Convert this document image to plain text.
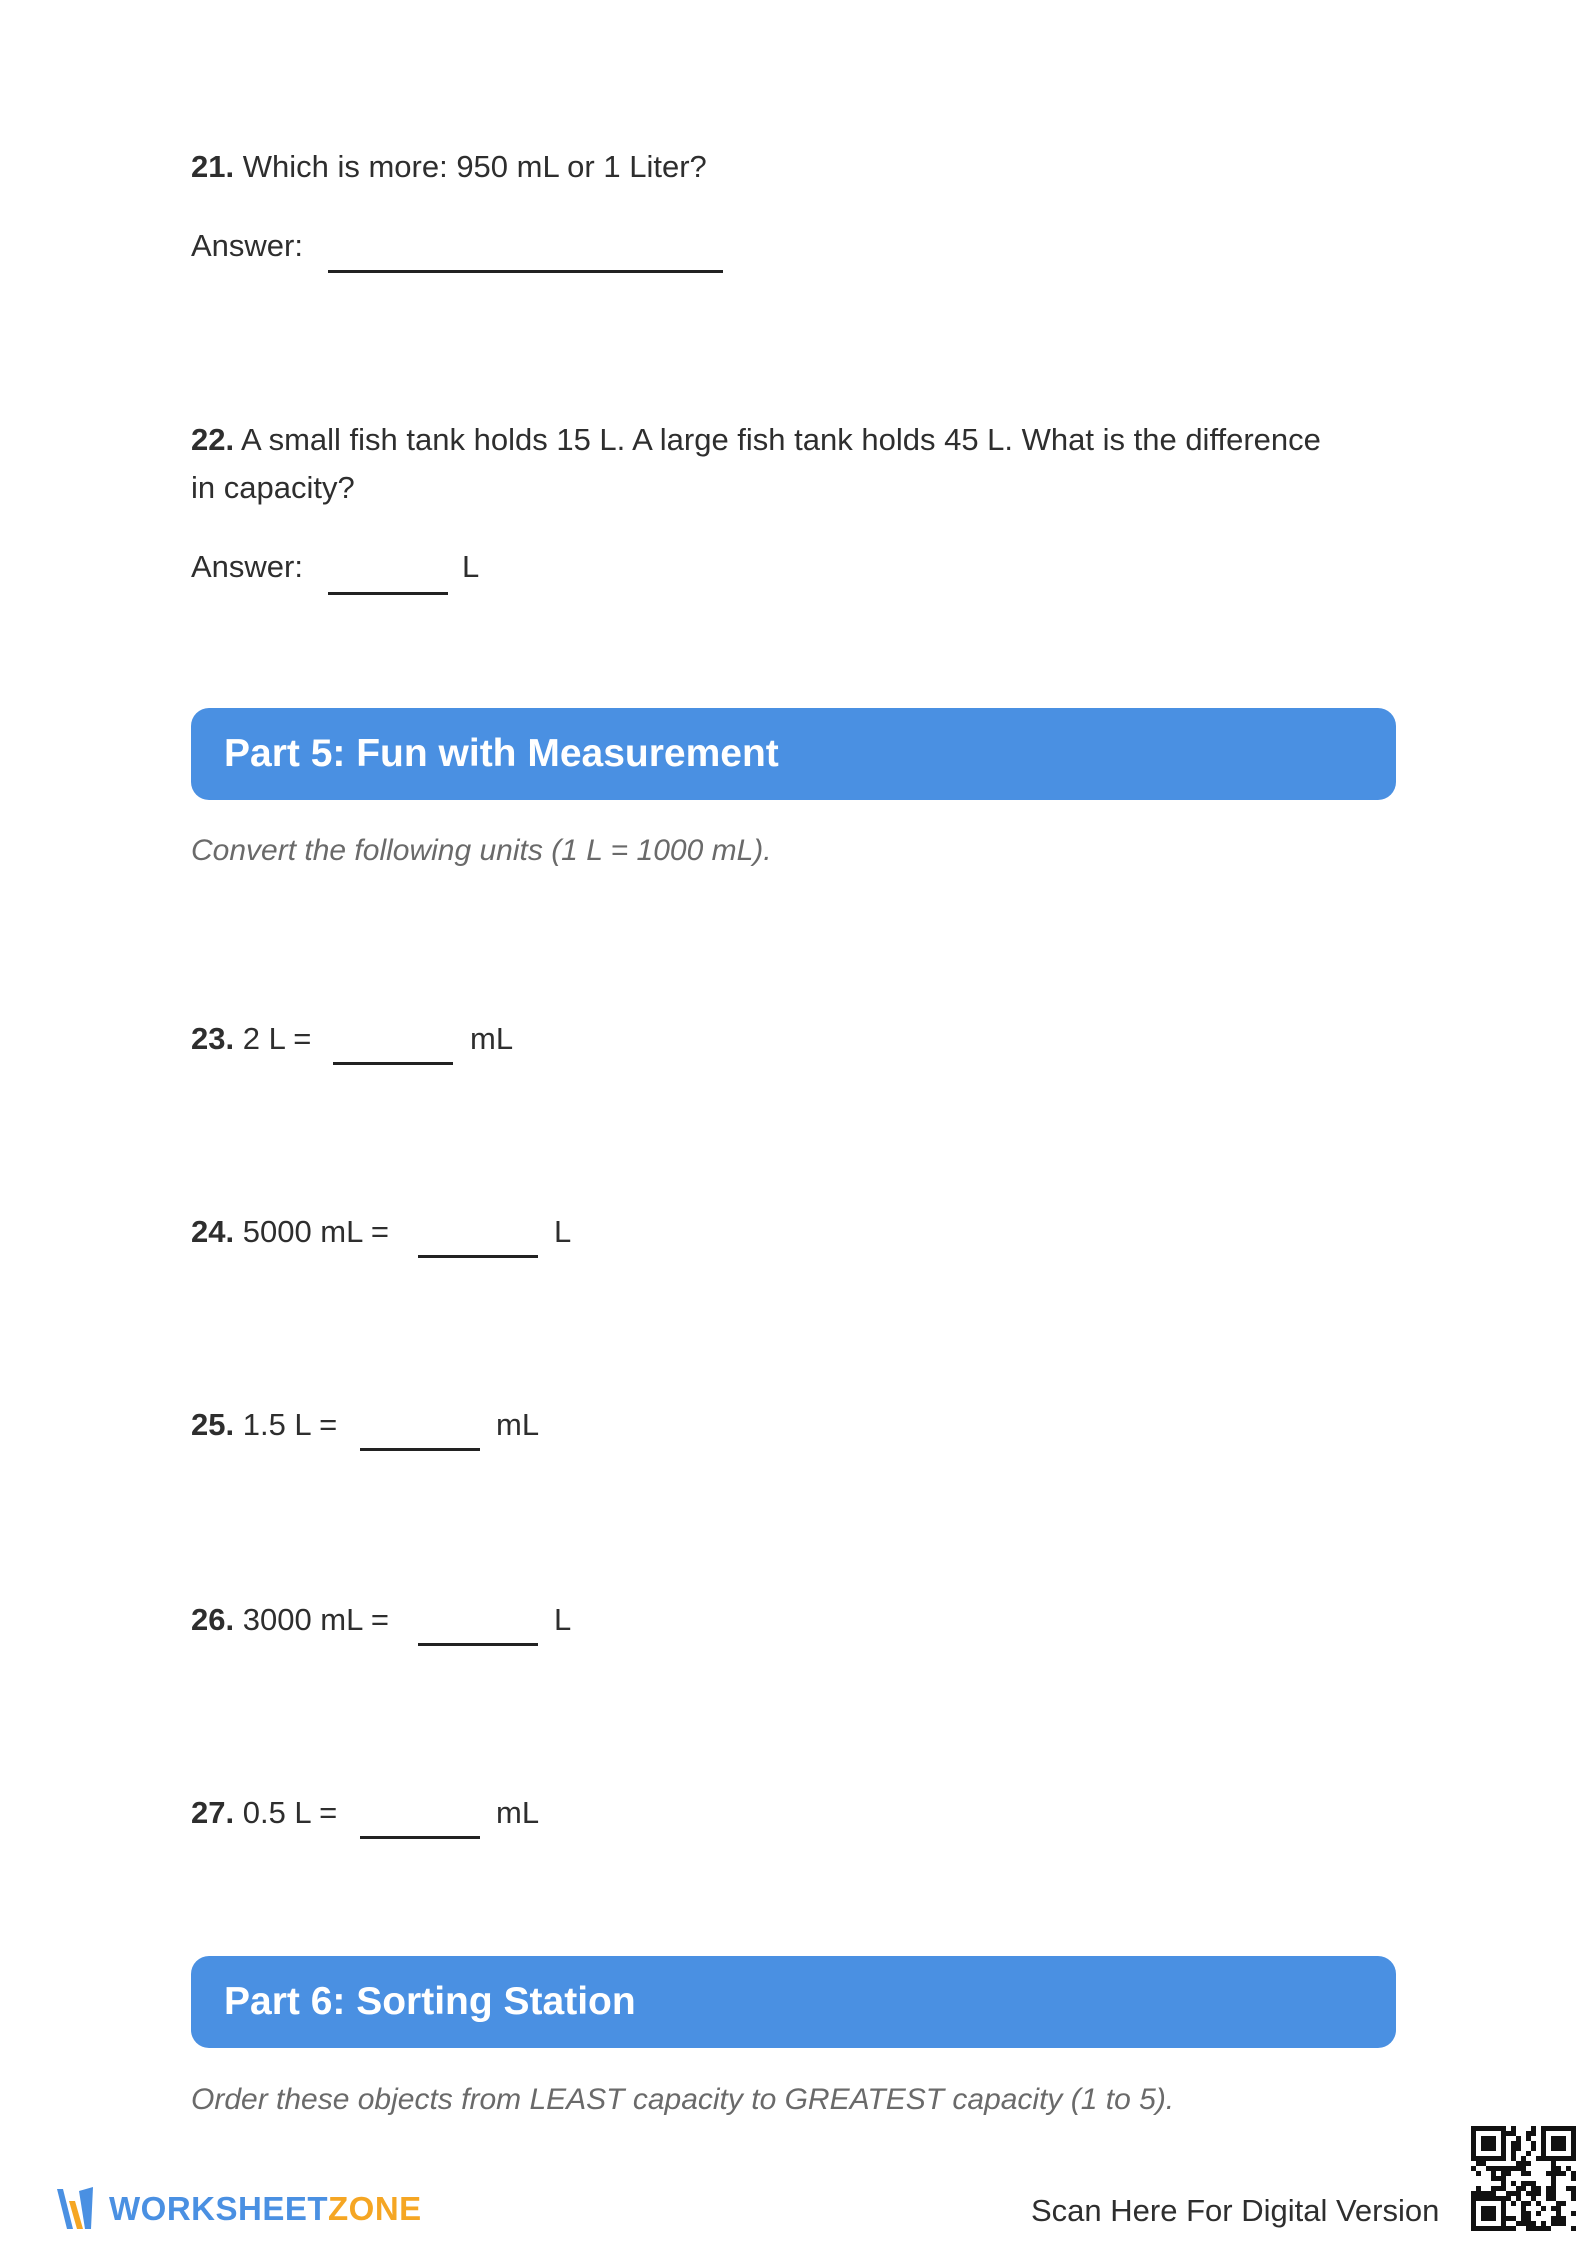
21. Which is more: 950 mL or 1 Liter?
Answer:
22. A small fish tank holds 15 L. A large fish tank holds 45 L. What is the difference
in capacity?
Answer:	L
Part 5: Fun with Measurement
Convert the following units (1 L = 1000 mL).
23. 2 L =	mL
24. 5000 mL =	L
25. 1.5 L =	mL
26. 3000 mL =	L
27. 0.5 L =	mL
Part 6: Sorting Station
Order these objects from LEAST capacity to GREATEST capacity (1 to 5).
WORKSHEET ZONE	Scan Here For Digital Version
